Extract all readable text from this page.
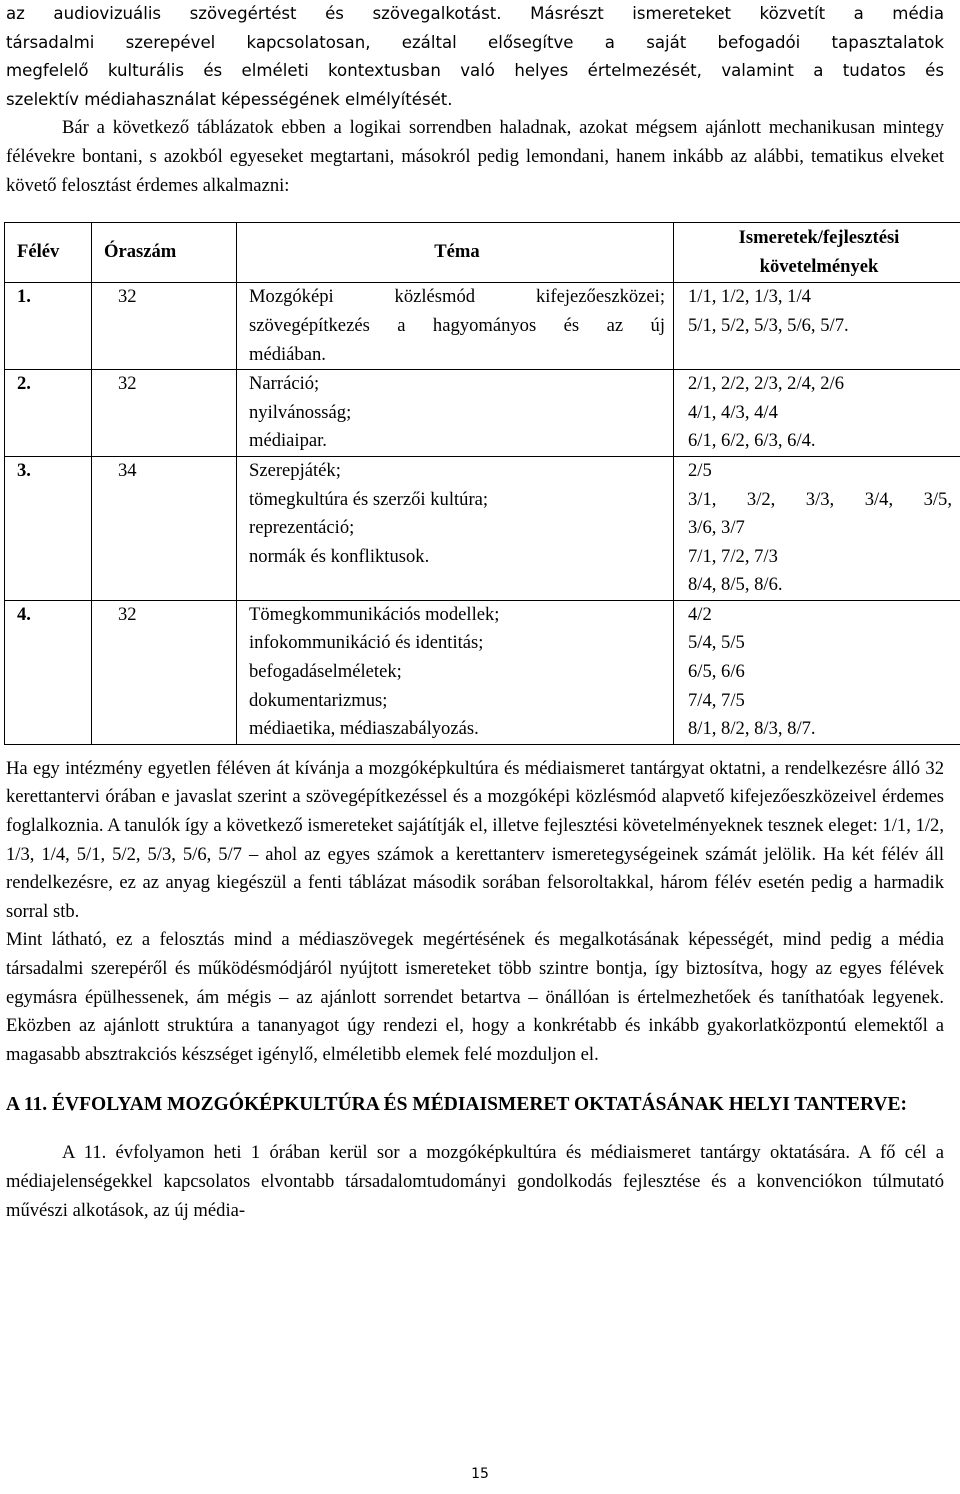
az audiovizuális szövegértést és szövegalkotást. Másrészt ismereteket közvetít a média
társadalmi szerepével kapcsolatosan, ezáltal elősegítve a saját befogadói tapasztalatok
megfelelő kulturális és elméleti kontextusban való helyes értelmezését, valamint a tudatos és
szelektív médiahasználat képességének elmélyítését.

Bár a következő táblázatok ebben a logikai sorrendben haladnak, azokat mégsem ajánlott mechanikusan mintegy félévekre bontani, s azokból egyeseket megtartani, másokról pedig lemondani, hanem inkább az alábbi, tematikus elveket követő felosztást érdemes alkalmazni:

Félév	Óraszám	Téma	Ismeretek/fejlesztési
követelmények

1.	32	Mozgóképi közlésmód kifejezőeszközei;
szövegépítkezés a hagyományos és az új
médiában.	1/1, 1/2, 1/3, 1/4
5/1, 5/2, 5/3, 5/6, 5/7.

2.	32	Narráció;
nyilvánosság;
médiaipar.	2/1, 2/2, 2/3, 2/4, 2/6
4/1, 4/3, 4/4
6/1, 6/2, 6/3, 6/4.

3.	34	Szerepjáték;
tömegkultúra és szerzői kultúra;
reprezentáció;
normák és konfliktusok.	2/5
3/1, 3/2, 3/3, 3/4, 3/5,
3/6, 3/7
7/1, 7/2, 7/3
8/4, 8/5, 8/6.

4.	32	Tömegkommunikációs modellek;
infokommunikáció és identitás;
befogadáselméletek;
dokumentarizmus;
médiaetika, médiaszabályozás.	4/2
5/4, 5/5
6/5, 6/6
7/4, 7/5
8/1, 8/2, 8/3, 8/7.

Ha egy intézmény egyetlen féléven át kívánja a mozgóképkultúra és médiaismeret tantárgyat oktatni, a rendelkezésre álló 32 kerettantervi órában e javaslat szerint a szövegépítkezéssel és a mozgóképi közlésmód alapvető kifejezőeszközeivel érdemes foglalkoznia. A tanulók így a következő ismereteket sajátítják el, illetve fejlesztési követelményeknek tesznek eleget: 1/1, 1/2, 1/3, 1/4, 5/1, 5/2, 5/3, 5/6, 5/7 – ahol az egyes számok a kerettanterv ismeretegységeinek számát jelölik. Ha két félév áll rendelkezésre, ez az anyag kiegészül a fenti táblázat második sorában felsoroltakkal, három félév esetén pedig a harmadik sorral stb.

Mint látható, ez a felosztás mind a médiaszövegek megértésének és megalkotásának képességét, mind pedig a média társadalmi szerepéről és működésmódjáról nyújtott ismereteket több szintre bontja, így biztosítva, hogy az egyes félévek egymásra épülhessenek, ám mégis – az ajánlott sorrendet betartva – önállóan is értelmezhetőek és taníthatóak legyenek. Eközben az ajánlott struktúra a tananyagot úgy rendezi el, hogy a konkrétabb és inkább gyakorlatközpontú elemektől a magasabb absztrakciós készséget igénylő, elméletibb elemek felé mozduljon el.

A 11. ÉVFOLYAM MOZGÓKÉPKULTÚRA ÉS MÉDIAISMERET OKTATÁSÁNAK HELYI TANTERVE:

A 11. évfolyamon heti 1 órában kerül sor a mozgóképkultúra és médiaismeret tantárgy oktatására. A fő cél a médiajelenségekkel kapcsolatos elvontabb társadalomtudományi gondolkodás fejlesztése és a konvenciókon túlmutató művészi alkotások, az új média-

15
